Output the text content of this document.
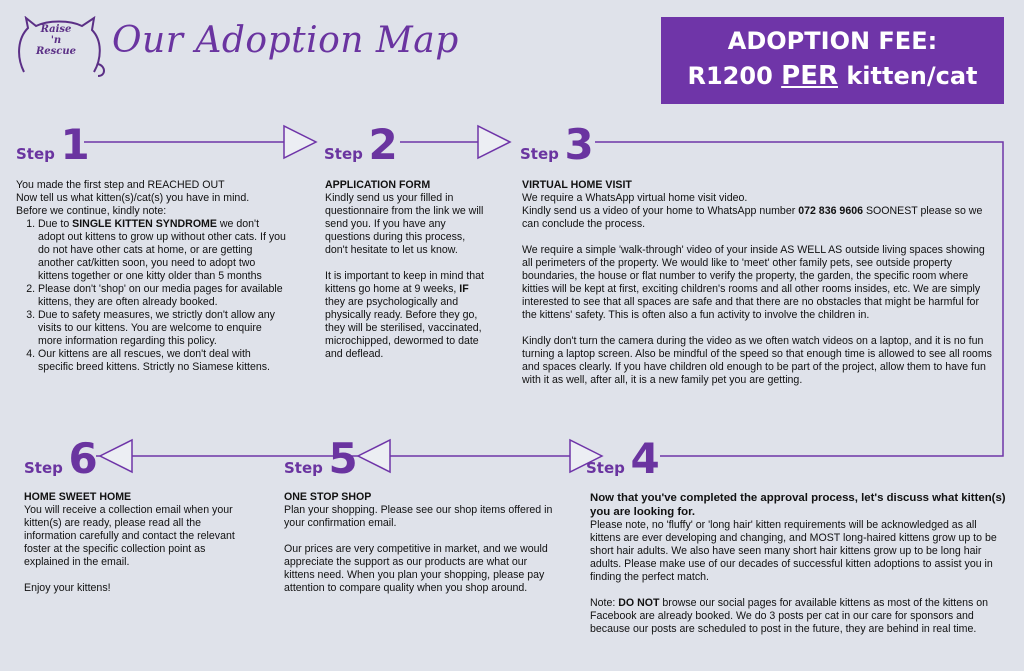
Raise
'n
Rescue Our Adoption Map	ADOPTION FEE:
R1200 PER kitten/cat
Step 1	Step 2	Step 3
Step 4
Step 5
Step 6

You made the first step and REACHED OUT

Now tell us what kitten(s)/cat(s) you have in mind.

Before we continue, kindly note:

1. Due to SINGLE KITTEN SYNDROME we don't adopt out kittens to grow up without other cats. If you do not have other cats at home, or are getting another cat/kitten soon, you need to adopt two kittens together or one kitty older than 5 months
2. Please don't 'shop' on our media pages for available kittens, they are often already booked.
3. Due to safety measures, we strictly don't allow any visits to our kittens. You are welcome to enquire more information regarding this policy.
4. Our kittens are all rescues, we don't deal with specific breed kittens. Strictly no Siamese kittens.

APPLICATION FORM

Kindly send us your filled in questionnaire from the link we will send you. If you have any questions during this process, don't hesitate to let us know.

It is important to keep in mind that kittens go home at 9 weeks, IF they are psychologically and physically ready. Before they go, they will be sterilised, vaccinated, microchipped, dewormed to date and deflead.

VIRTUAL HOME VISIT

We require a WhatsApp virtual home visit video.

Kindly send us a video of your home to WhatsApp number 072 836 9606 SOONEST please so we can conclude the process.

We require a simple 'walk-through' video of your inside AS WELL AS outside living spaces showing all perimeters of the property. We would like to 'meet' other family pets, see outside property boundaries, the house or flat number to verify the property, the garden, the specific room where kitties will be kept at first, exciting children's rooms and all other rooms insides, etc. We are simply interested to see that all spaces are safe and that there are no obstacles that might be harmful for the kittens' safety. This is often also a fun activity to involve the children in.

Kindly don't turn the camera during the video as we often watch videos on a laptop, and it is no fun turning a laptop screen. Also be mindful of the speed so that enough time is allowed to see all rooms and spaces clearly. If you have children old enough to be part of the project, allow them to have fun with it as well, after all, it is a new family pet you are getting.

Now that you've completed the approval process, let's discuss what kitten(s) you are looking for.

Please note, no 'fluffy' or 'long hair' kitten requirements will be acknowledged as all kittens are ever developing and changing, and MOST long-haired kittens grow up to be short hair adults. We also have seen many short hair kittens grow up to be long hair adults. Please make use of our decades of successful kitten adoptions to assist you in finding the perfect match.

Note: DO NOT browse our social pages for available kittens as most of the kittens on Facebook are already booked. We do 3 posts per cat in our care for sponsors and because our posts are scheduled to post in the future, they are behind in real time.

ONE STOP SHOP

Plan your shopping. Please see our shop items offered in your confirmation email.

Our prices are very competitive in market, and we would appreciate the support as our products are what our kittens need. When you plan your shopping, please pay attention to compare quality when you shop around.

HOME SWEET HOME

You will receive a collection email when your kitten(s) are ready, please read all the information carefully and contact the relevant foster at the specific collection point as explained in the email.

Enjoy your kittens!
